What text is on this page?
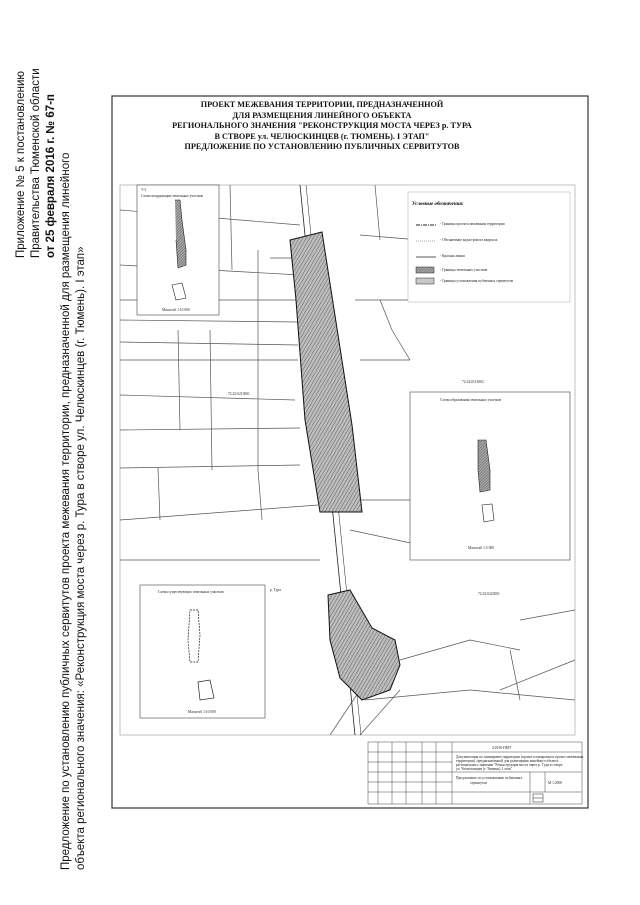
Приложение № 5 к постановлению Правительства Тюменской области от 25 февраля 2016 г. № 67-п Предложение по установлению публичных сервитутов проекта межевания территории, предназначенной для размещения линейного объекта регионального значения: «Реконструкция моста через р. Тура в створе ул. Челюскинцев (г. Тюмень). I этап»
ПРОЕКТ МЕЖЕВАНИЯ ТЕРРИТОРИИ, ПРЕДНАЗНАЧЕННОЙ
ДЛЯ РАЗМЕЩЕНИЯ ЛИНЕЙНОГО ОБЪЕКТА
РЕГИОНАЛЬНОГО ЗНАЧЕНИЯ "РЕКОНСТРУКЦИЯ МОСТА ЧЕРЕЗ р. ТУРА
В СТВОРЕ ул. ЧЕЛЮСКИНЦЕВ (г. ТЮМЕНЬ). I ЭТАП"
ПРЕДЛОЖЕНИЕ ПО УСТАНОВЛЕНИЮ ПУБЛИЧНЫХ СЕРВИТУТОВ
Условные обозначения:
- Границы проекта межевания территории
- Обозначение кадастрового квартала
- Красная линия
- Границы земельных участков
- Границы установления публичных сервитутов
Т-3
Схема координации земельных участков
Масштаб 1:10 000
72:23:0113002
Схема образования земельных участков
Масштаб 1:5 000
Схема существующих земельных участков
Масштаб 1:10 000
72:23:0213001
72:23:0223001
р. Тура
2/2016-ПМТ
Документация по планировке территории (проект планировки и проект межевания
территории), предназначенной для размещения линейного объекта
регионального значения "Реконструкция моста через р. Тура в створе
ул. Челюскинцев (г. Тюмень). I этап"
Предложение по установлению публичных
сервитутов	М 1:2000
